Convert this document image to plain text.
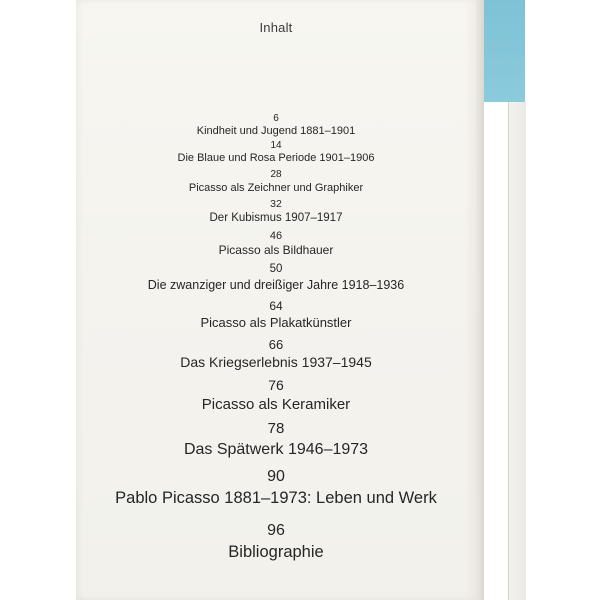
Inhalt
6
Kindheit und Jugend 1881–1901
14
Die Blaue und Rosa Periode 1901–1906
28
Picasso als Zeichner und Graphiker
32
Der Kubismus 1907–1917
46
Picasso als Bildhauer
50
Die zwanziger und dreißiger Jahre 1918–1936
64
Picasso als Plakatkünstler
66
Das Kriegserlebnis 1937–1945
76
Picasso als Keramiker
78
Das Spätwerk 1946–1973
90
Pablo Picasso 1881–1973: Leben und Werk
96
Bibliographie
